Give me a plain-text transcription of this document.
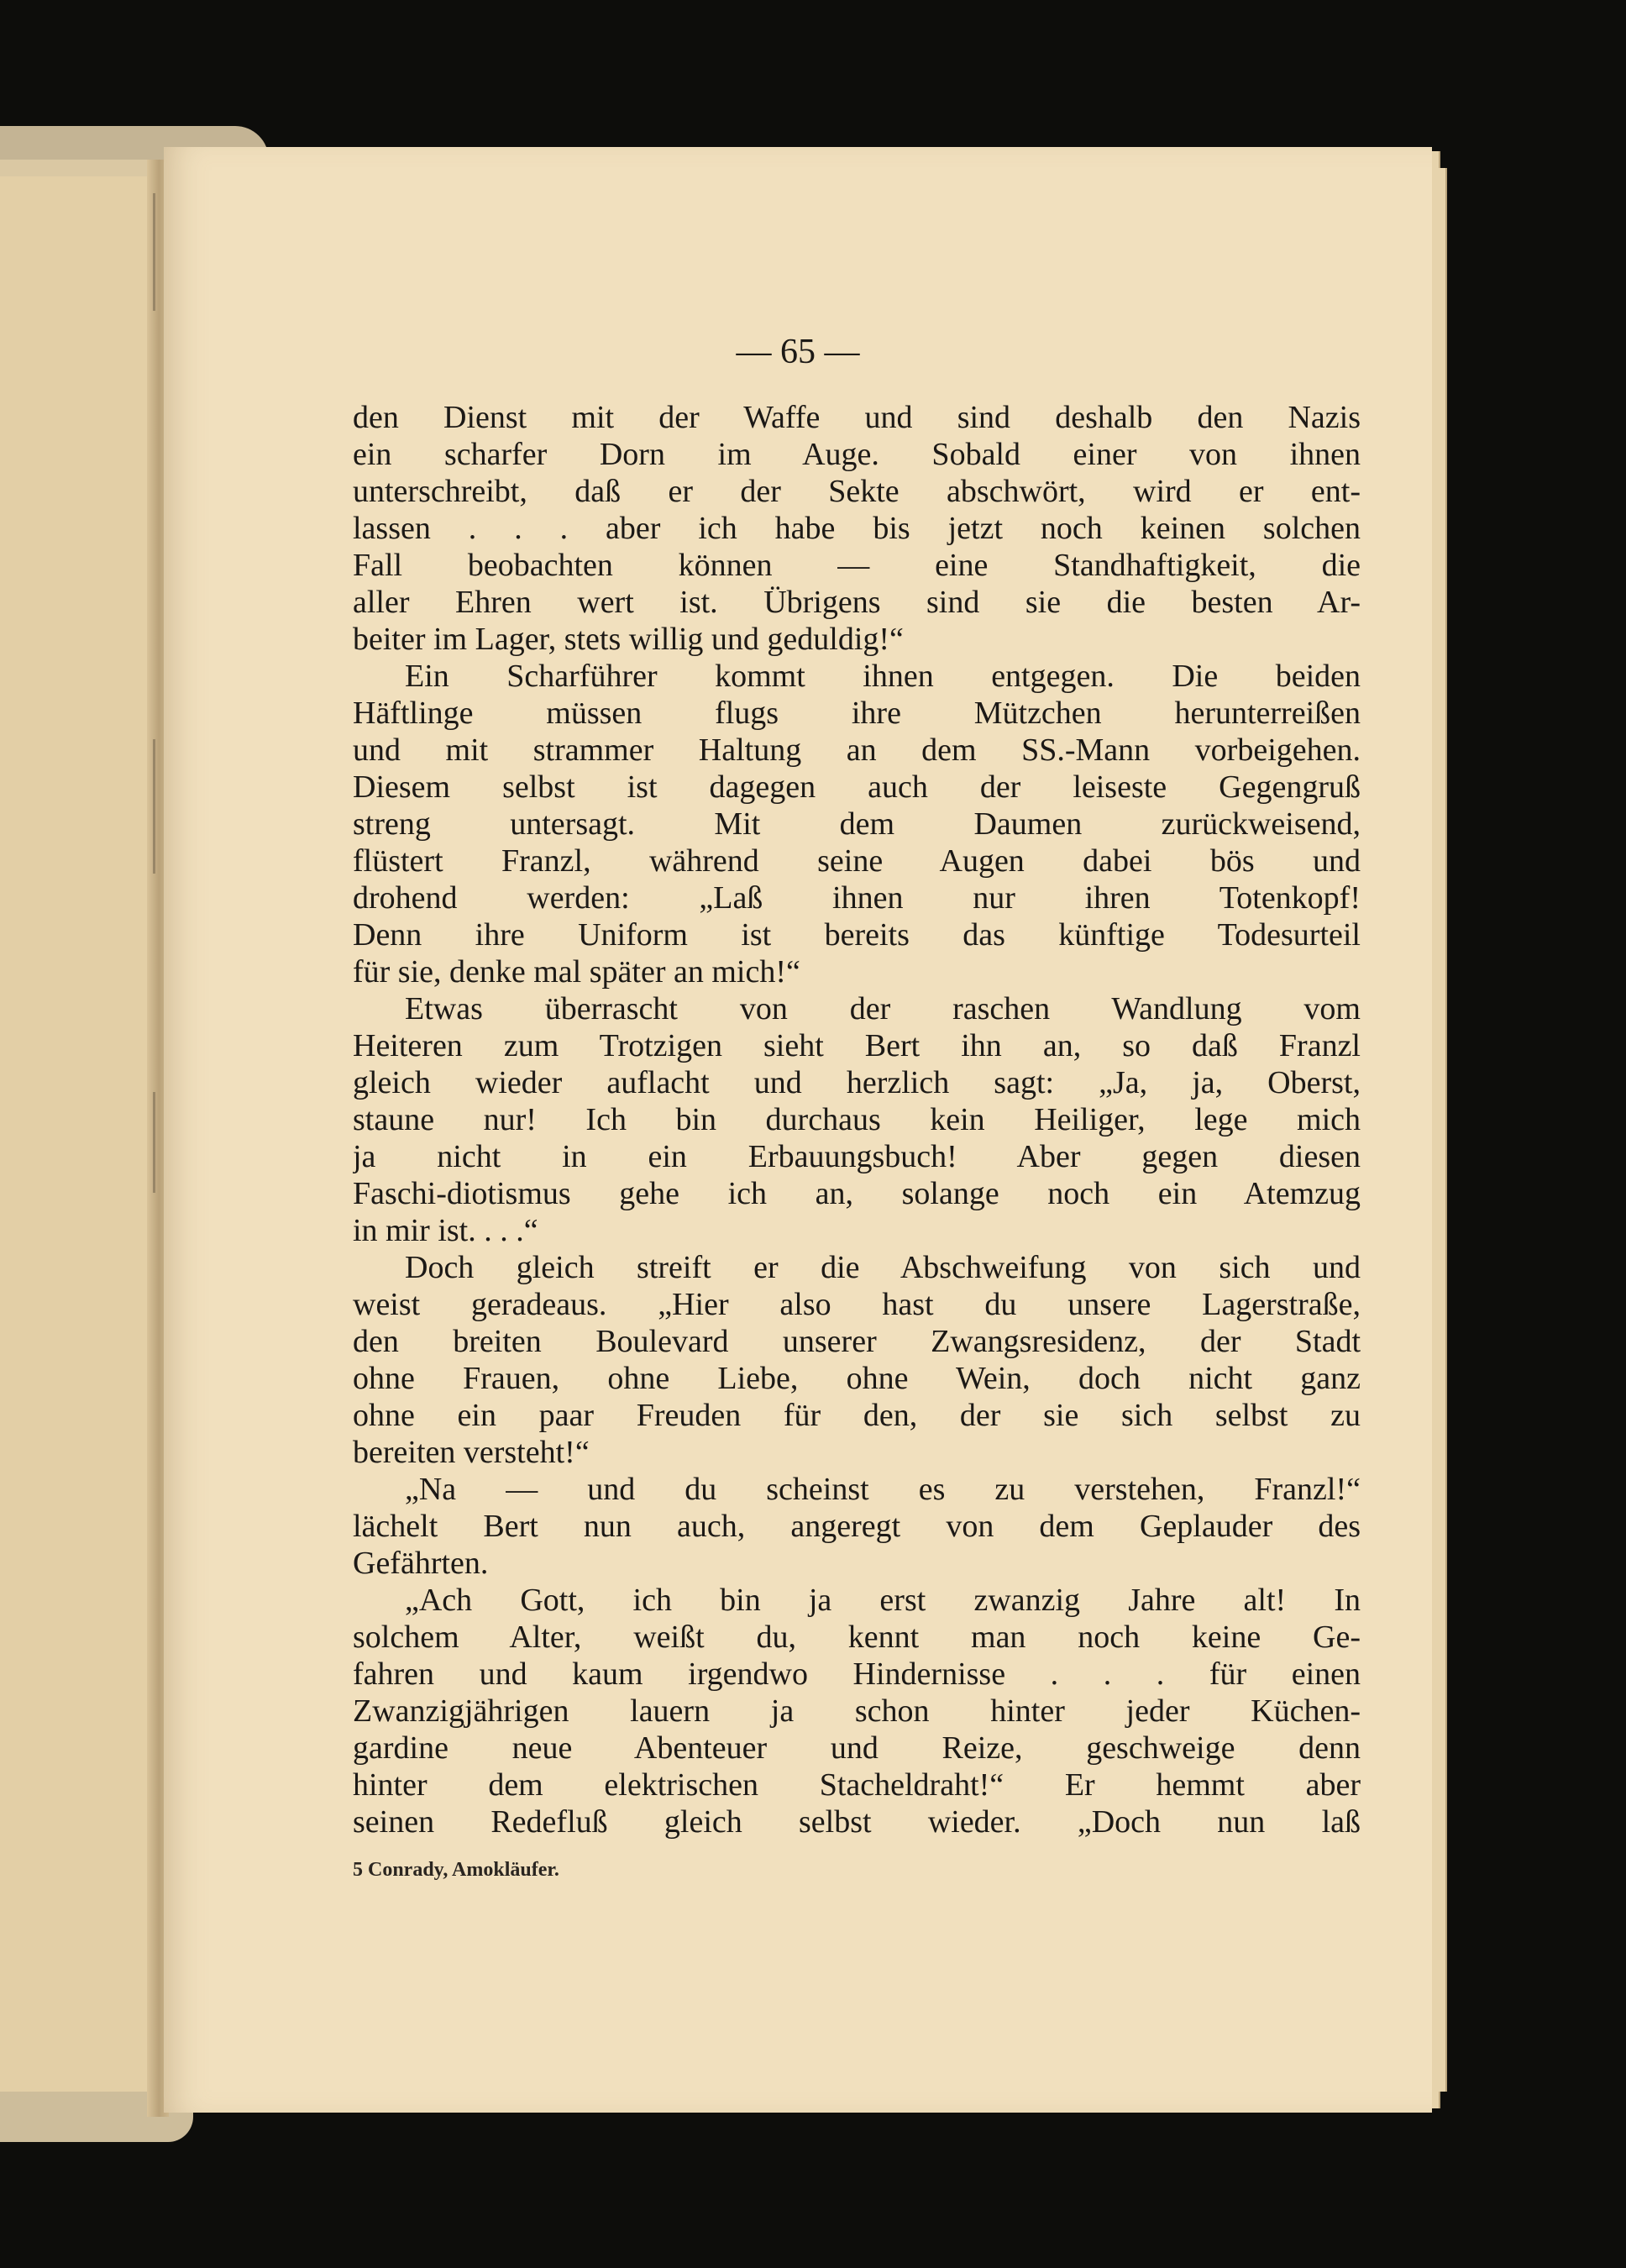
— 65 —

den Dienst mit der Waffe und sind deshalb den Nazis
ein scharfer Dorn im Auge. Sobald einer von ihnen
unterschreibt, daß er der Sekte abschwört, wird er ent-
lassen . . . aber ich habe bis jetzt noch keinen solchen
Fall beobachten können — eine Standhaftigkeit, die
aller Ehren wert ist. Übrigens sind sie die besten Ar-
beiter im Lager, stets willig und geduldig!“
Ein Scharführer kommt ihnen entgegen. Die beiden
Häftlinge müssen flugs ihre Mützchen herunterreißen
und mit strammer Haltung an dem SS.-Mann vorbeigehen.
Diesem selbst ist dagegen auch der leiseste Gegengruß
streng untersagt. Mit dem Daumen zurückweisend,
flüstert Franzl, während seine Augen dabei bös und
drohend werden: „Laß ihnen nur ihren Totenkopf!
Denn ihre Uniform ist bereits das künftige Todesurteil
für sie, denke mal später an mich!“
Etwas überrascht von der raschen Wandlung vom
Heiteren zum Trotzigen sieht Bert ihn an, so daß Franzl
gleich wieder auflacht und herzlich sagt: „Ja, ja, Oberst,
staune nur! Ich bin durchaus kein Heiliger, lege mich
ja nicht in ein Erbauungsbuch! Aber gegen diesen
Faschi-diotismus gehe ich an, solange noch ein Atemzug
in mir ist. . . .“
Doch gleich streift er die Abschweifung von sich und
weist geradeaus. „Hier also hast du unsere Lagerstraße,
den breiten Boulevard unserer Zwangsresidenz, der Stadt
ohne Frauen, ohne Liebe, ohne Wein, doch nicht ganz
ohne ein paar Freuden für den, der sie sich selbst zu
bereiten versteht!“
„Na — und du scheinst es zu verstehen, Franzl!“
lächelt Bert nun auch, angeregt von dem Geplauder des
Gefährten.
„Ach Gott, ich bin ja erst zwanzig Jahre alt! In
solchem Alter, weißt du, kennt man noch keine Ge-
fahren und kaum irgendwo Hindernisse . . . für einen
Zwanzigjährigen lauern ja schon hinter jeder Küchen-
gardine neue Abenteuer und Reize, geschweige denn
hinter dem elektrischen Stacheldraht!“ Er hemmt aber
seinen Redefluß gleich selbst wieder. „Doch nun laß

5 Conrady, Amokläufer.
